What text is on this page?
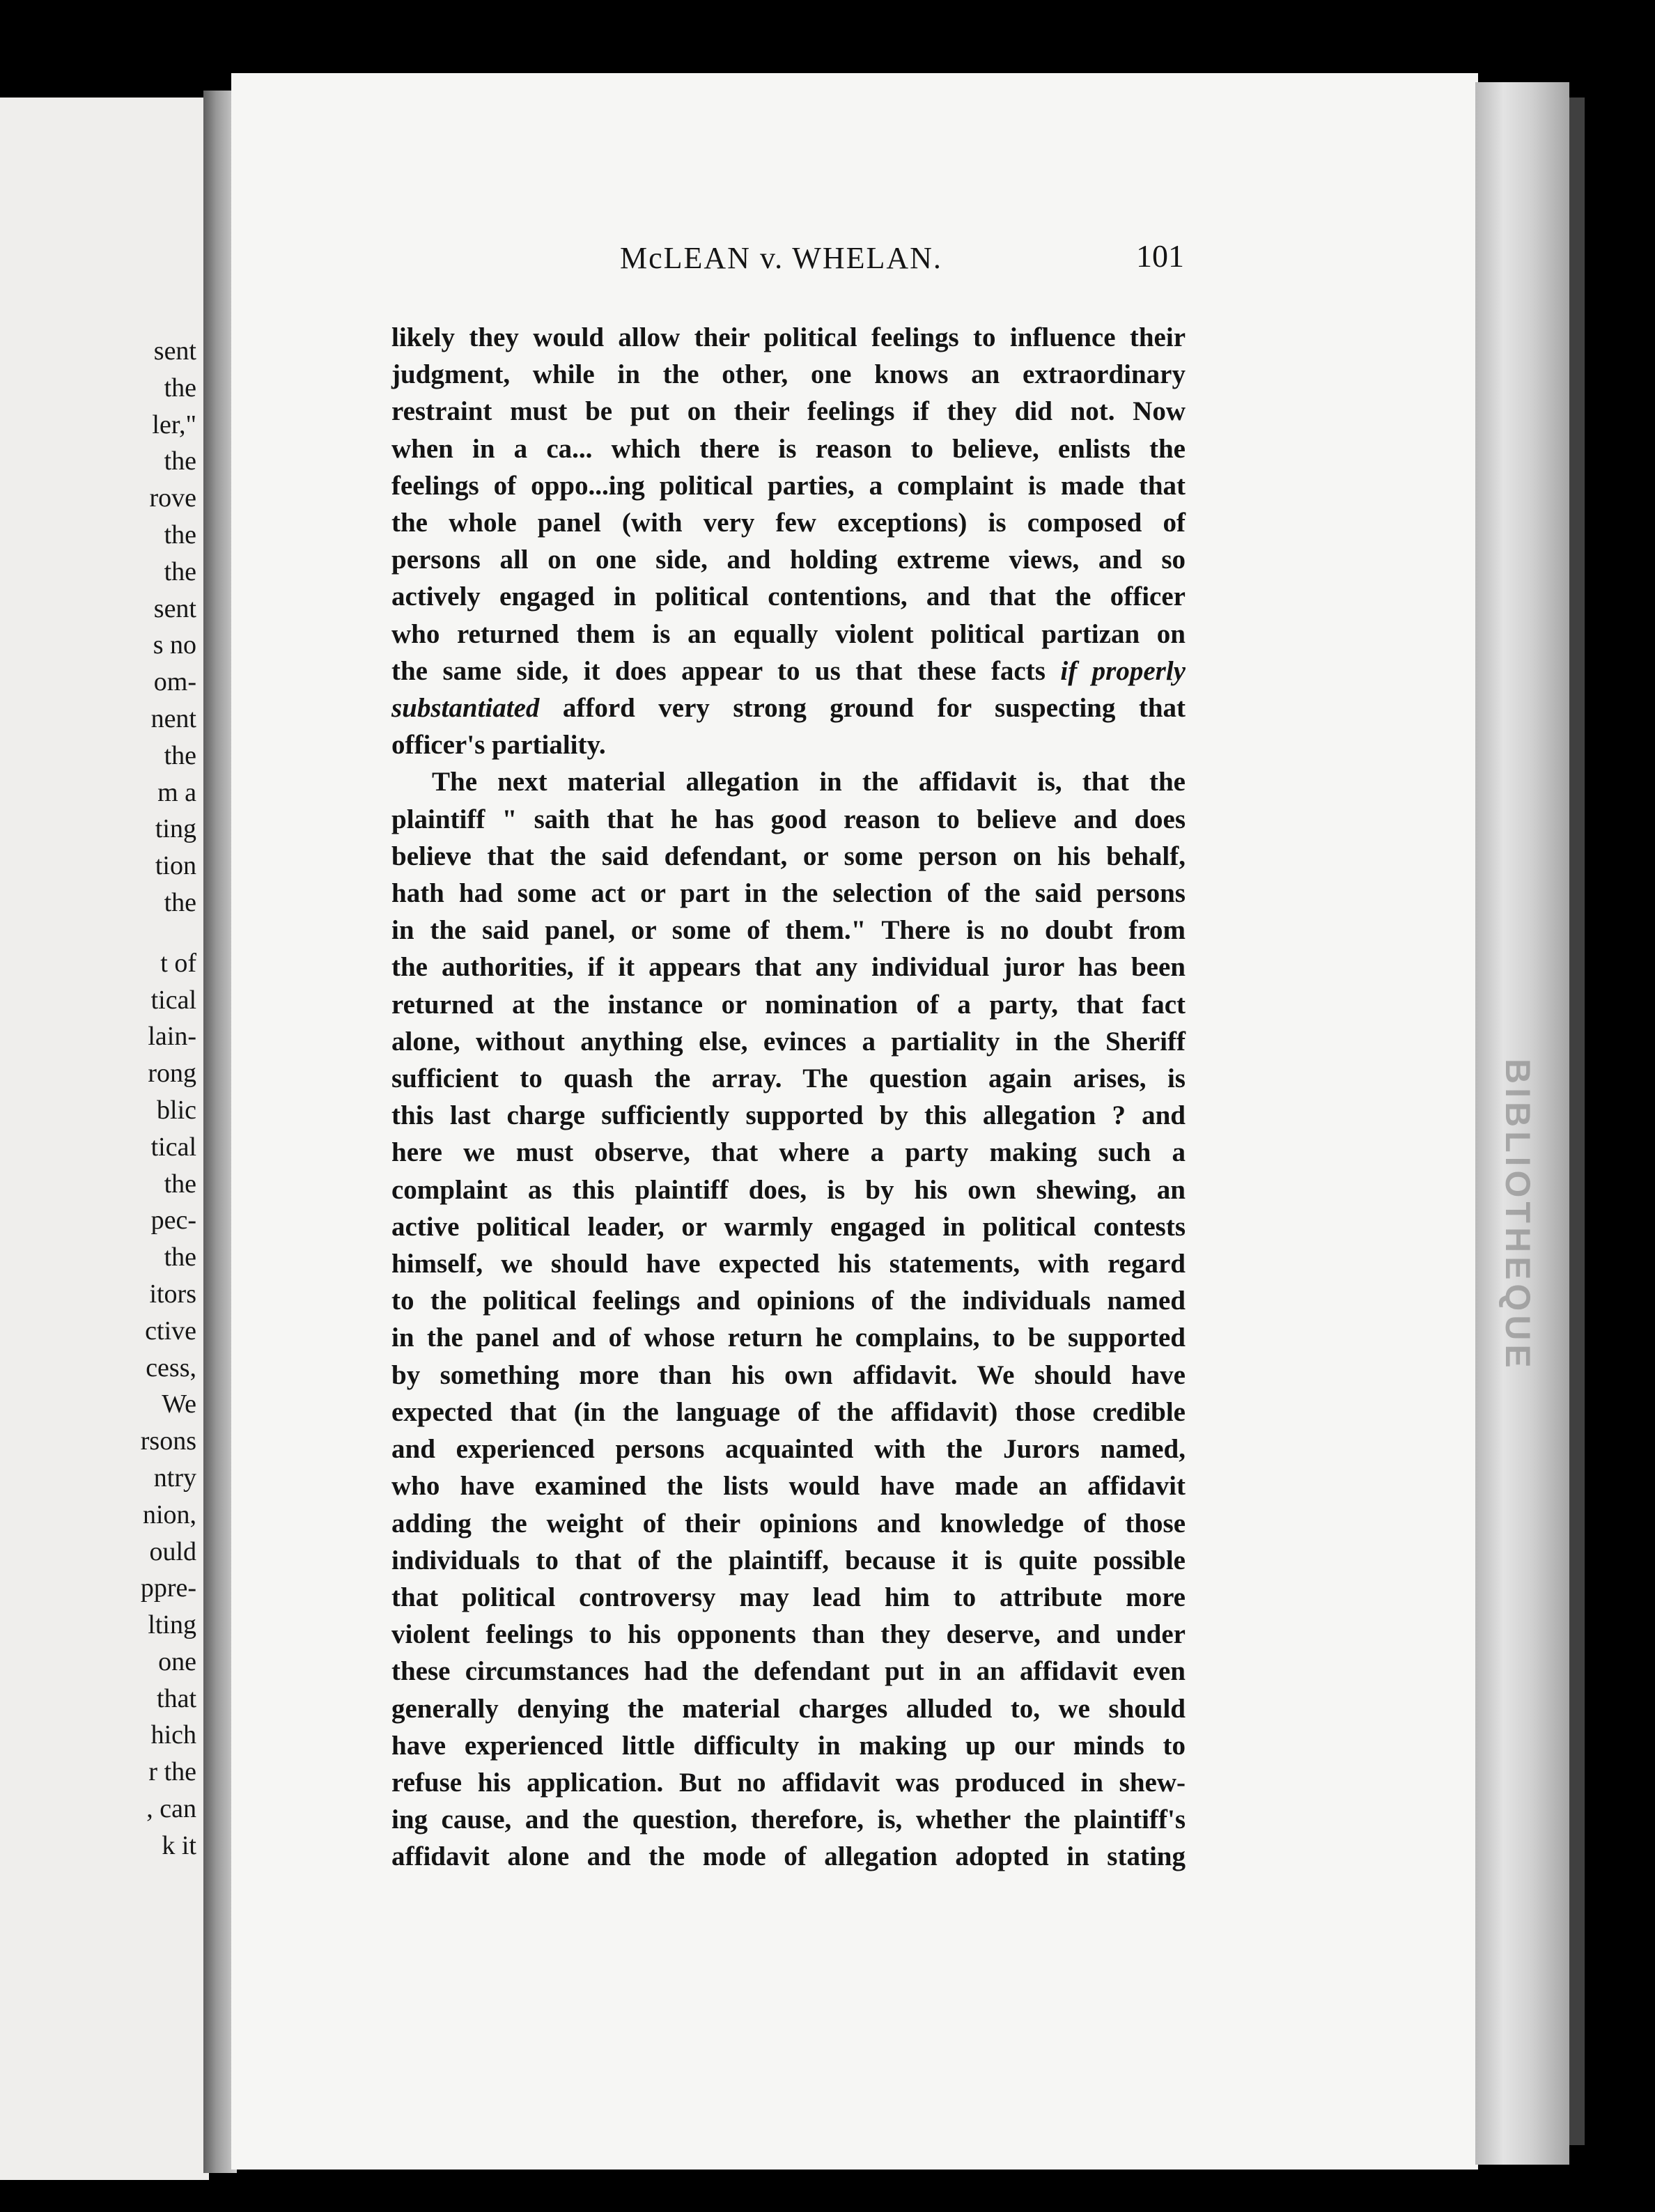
sent
the
ler,"
the
rove
the
the
sent
s no
om-
nent
the
m a
ting
tion
the
t of
tical
lain-
rong
blic
tical
the
pec-
the
itors
ctive
cess,
We
rsons
ntry
nion,
ould
ppre-
lting
one
that
hich
r the
, can
k it
BIBLIOTHEQUE
McLEAN v. WHELAN.	101
likely they would allow their political feelings to influence their
judgment, while in the other, one knows an extraordinary
restraint must be put on their feelings if they did not. Now
when in a ca... which there is reason to believe, enlists the
feelings of oppo...ing political parties, a complaint is made that
the whole panel (with very few exceptions) is composed of
persons all on one side, and holding extreme views, and so
actively engaged in political contentions, and that the officer
who returned them is an equally violent political partizan on
the same side, it does appear to us that these facts if properly
substantiated afford very strong ground for suspecting that
officer's partiality.
The next material allegation in the affidavit is, that the
plaintiff " saith that he has good reason to believe and does
believe that the said defendant, or some person on his behalf,
hath had some act or part in the selection of the said persons
in the said panel, or some of them." There is no doubt from
the authorities, if it appears that any individual juror has been
returned at the instance or nomination of a party, that fact
alone, without anything else, evinces a partiality in the Sheriff
sufficient to quash the array. The question again arises, is
this last charge sufficiently supported by this allegation ? and
here we must observe, that where a party making such a
complaint as this plaintiff does, is by his own shewing, an
active political leader, or warmly engaged in political contests
himself, we should have expected his statements, with regard
to the political feelings and opinions of the individuals named
in the panel and of whose return he complains, to be supported
by something more than his own affidavit. We should have
expected that (in the language of the affidavit) those credible
and experienced persons acquainted with the Jurors named,
who have examined the lists would have made an affidavit
adding the weight of their opinions and knowledge of those
individuals to that of the plaintiff, because it is quite possible
that political controversy may lead him to attribute more
violent feelings to his opponents than they deserve, and under
these circumstances had the defendant put in an affidavit even
generally denying the material charges alluded to, we should
have experienced little difficulty in making up our minds to
refuse his application. But no affidavit was produced in shew-
ing cause, and the question, therefore, is, whether the plaintiff's
affidavit alone and the mode of allegation adopted in stating
